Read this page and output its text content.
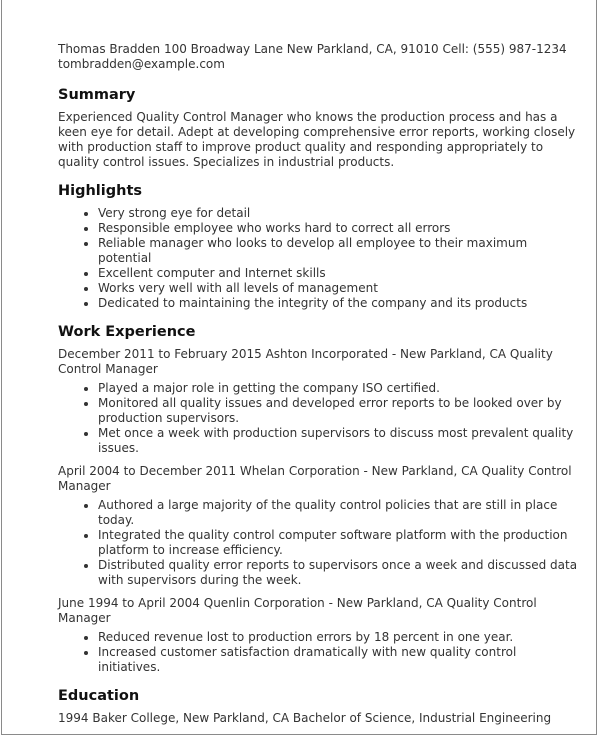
Thomas Bradden 100 Broadway Lane New Parkland, CA, 91010 Cell: (555) 987-1234 tombradden@example.com
Summary

Experienced Quality Control Manager who knows the production process and has a keen eye for detail. Adept at developing comprehensive error reports, working closely with production staff to improve product quality and responding appropriately to quality control issues. Specializes in industrial products.

Highlights
• Very strong eye for detail
• Responsible employee who works hard to correct all errors
• Reliable manager who looks to develop all employee to their maximum potential
• Excellent computer and Internet skills
• Works very well with all levels of management
• Dedicated to maintaining the integrity of the company and its products
Work Experience

December 2011 to February 2015 Ashton Incorporated - New Parkland, CA Quality Control Manager

• Played a major role in getting the company ISO certified.
• Monitored all quality issues and developed error reports to be looked over by production supervisors.
• Met once a week with production supervisors to discuss most prevalent quality issues.

April 2004 to December 2011 Whelan Corporation - New Parkland, CA Quality Control Manager

• Authored a large majority of the quality control policies that are still in place today.
• Integrated the quality control computer software platform with the production platform to increase efficiency.
• Distributed quality error reports to supervisors once a week and discussed data with supervisors during the week.

June 1994 to April 2004 Quenlin Corporation - New Parkland, CA Quality Control Manager

• Reduced revenue lost to production errors by 18 percent in one year.
• Increased customer satisfaction dramatically with new quality control initiatives.
Education

1994 Baker College, New Parkland, CA Bachelor of Science, Industrial Engineering
